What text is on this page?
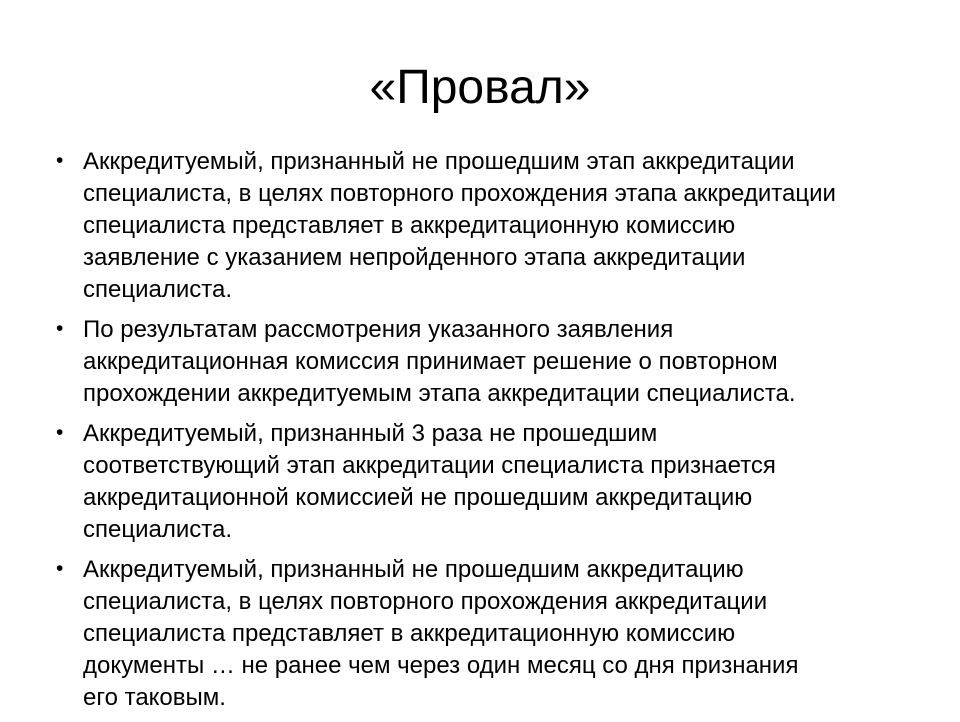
«Провал»
• Аккредитуемый, признанный не прошедшим этап аккредитации
специалиста, в целях повторного прохождения этапа аккредитации
специалиста представляет в аккредитационную комиссию
заявление с указанием непройденного этапа аккредитации
специалиста.
• По результатам рассмотрения указанного заявления
аккредитационная комиссия принимает решение о повторном
прохождении аккредитуемым этапа аккредитации специалиста.
• Аккредитуемый, признанный 3 раза не прошедшим
соответствующий этап аккредитации специалиста признается
аккредитационной комиссией не прошедшим аккредитацию
специалиста.
• Аккредитуемый, признанный не прошедшим аккредитацию
специалиста, в целях повторного прохождения аккредитации
специалиста представляет в аккредитационную комиссию
документы … не ранее чем через один месяц со дня признания
его таковым.
